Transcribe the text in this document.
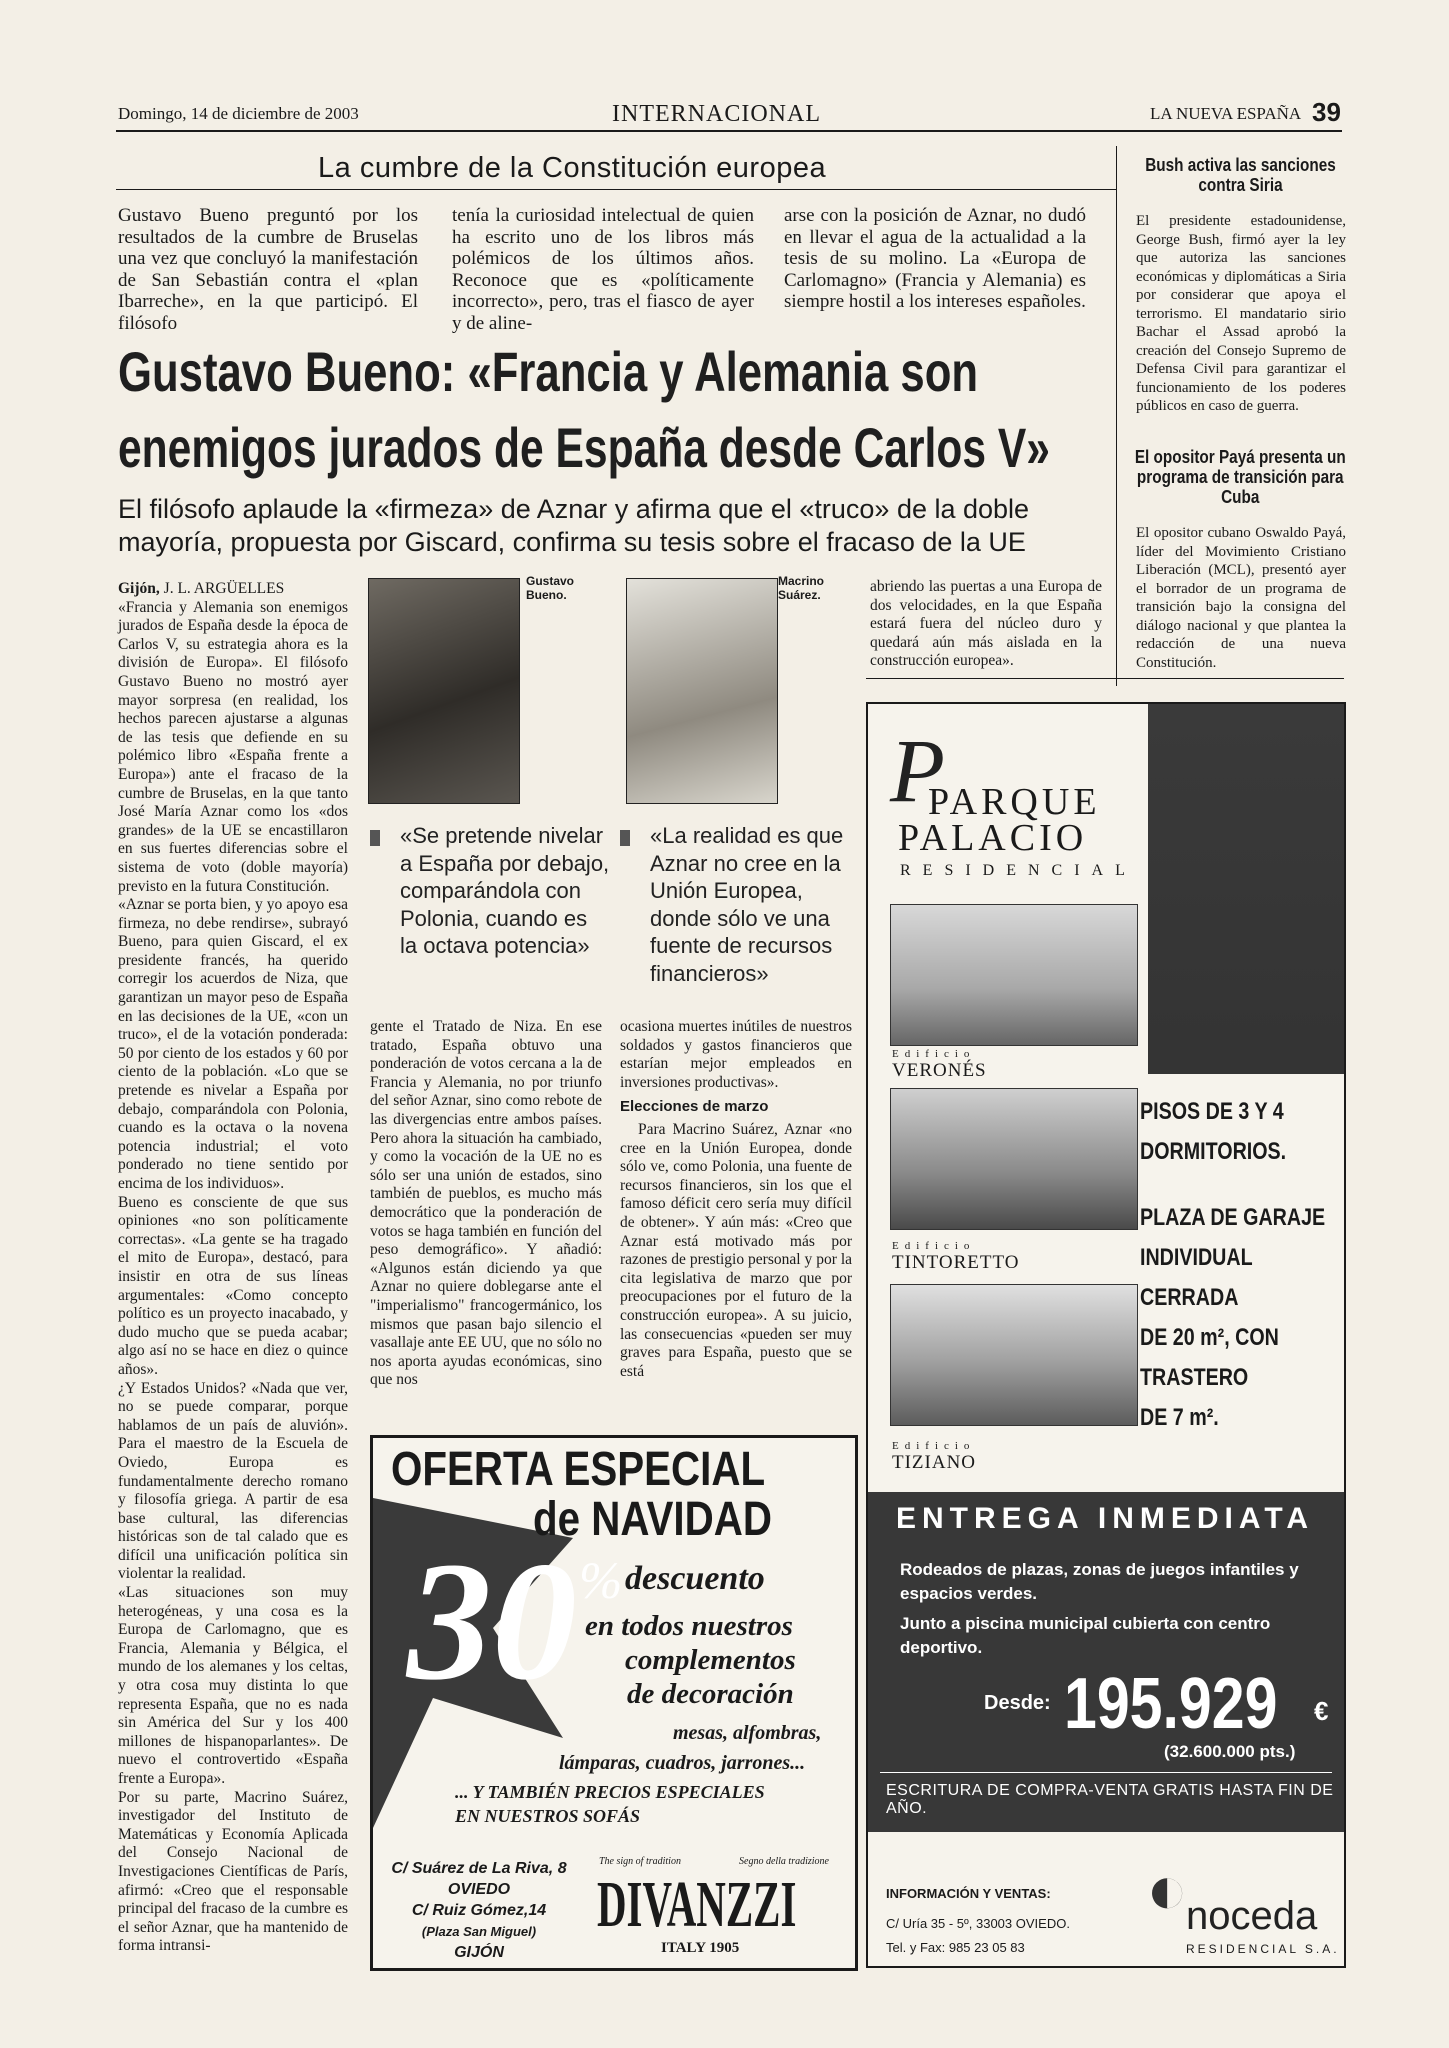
Domingo, 14 de diciembre de 2003	INTERNACIONAL	LA NUEVA ESPAÑA 39
La cumbre de la Constitución europea
Gustavo Bueno preguntó por los resultados de la cumbre de Bruselas una vez que concluyó la manifestación de San Sebastián contra el «plan Ibarreche», en la que participó. El filósofo
tenía la curiosidad intelectual de quien ha escrito uno de los libros más polémicos de los últimos años. Reconoce que es «políticamente incorrecto», pero, tras el fiasco de ayer y de aline-
arse con la posición de Aznar, no dudó en llevar el agua de la actualidad a la tesis de su molino. La «Europa de Carlomagno» (Francia y Alemania) es siempre hostil a los intereses españoles.
Gustavo Bueno: «Francia y Alemania son
enemigos jurados de España desde Carlos V»
El filósofo aplaude la «firmeza» de Aznar y afirma que el «truco» de la doble mayoría, propuesta por Giscard, confirma su tesis sobre el fracaso de la UE
Gijón, J. L. ARGÜELLES
«Francia y Alemania son enemigos jurados de España desde la época de Carlos V, su estrategia ahora es la división de Europa». El filósofo Gustavo Bueno no mostró ayer mayor sorpresa (en realidad, los hechos parecen ajustarse a algunas de las tesis que defiende en su polémico libro «España frente a Europa») ante el fracaso de la cumbre de Bruselas, en la que tanto José María Aznar como los «dos grandes» de la UE se encastillaron en sus fuertes diferencias sobre el sistema de voto (doble mayoría) previsto en la futura Constitución.
«Aznar se porta bien, y yo apoyo esa firmeza, no debe rendirse», subrayó Bueno, para quien Giscard, el ex presidente francés, ha querido corregir los acuerdos de Niza, que garantizan un mayor peso de España en las decisiones de la UE, «con un truco», el de la votación ponderada: 50 por ciento de los estados y 60 por ciento de la población. «Lo que se pretende es nivelar a España por debajo, comparándola con Polonia, cuando es la octava o la novena potencia industrial; el voto ponderado no tiene sentido por encima de los individuos».
Bueno es consciente de que sus opiniones «no son políticamente correctas». «La gente se ha tragado el mito de Europa», destacó, para insistir en otra de sus líneas argumentales: «Como concepto político es un proyecto inacabado, y dudo mucho que se pueda acabar; algo así no se hace en diez o quince años».
¿Y Estados Unidos? «Nada que ver, no se puede comparar, porque hablamos de un país de aluvión». Para el maestro de la Escuela de Oviedo, Europa es fundamentalmente derecho romano y filosofía griega. A partir de esa base cultural, las diferencias históricas son de tal calado que es difícil una unificación política sin violentar la realidad.
«Las situaciones son muy heterogéneas, y una cosa es la Europa de Carlomagno, que es Francia, Alemania y Bélgica, el mundo de los alemanes y los celtas, y otra cosa muy distinta lo que representa España, que no es nada sin América del Sur y los 400 millones de hispanoparlantes». De nuevo el controvertido «España frente a Europa».
Por su parte, Macrino Suárez, investigador del Instituto de Matemáticas y Economía Aplicada del Consejo Nacional de Investigaciones Científicas de París, afirmó: «Creo que el responsable principal del fracaso de la cumbre es el señor Aznar, que ha mantenido de forma intransi-
Gustavo Bueno.
Macrino Suárez.	abriendo las puertas a una Europa de dos velocidades, en la que España estará fuera del núcleo duro y quedará aún más aislada en la construcción europea».
«Se pretende nivelar a España por debajo, comparándola con Polonia, cuando es la octava potencia»
«La realidad es que Aznar no cree en la Unión Europea, donde sólo ve una fuente de recursos financieros»
gente el Tratado de Niza. En ese tratado, España obtuvo una ponderación de votos cercana a la de Francia y Alemania, no por triunfo del señor Aznar, sino como rebote de las divergencias entre ambos países. Pero ahora la situación ha cambiado, y como la vocación de la UE no es sólo ser una unión de estados, sino también de pueblos, es mucho más democrático que la ponderación de votos se haga también en función del peso demográfico». Y añadió: «Algunos están diciendo ya que Aznar no quiere doblegarse ante el "imperialismo" francogermánico, los mismos que pasan bajo silencio el vasallaje ante EE UU, que no sólo no nos aporta ayudas económicas, sino que nos
ocasiona muertes inútiles de nuestros soldados y gastos financieros que estarían mejor empleados en inversiones productivas».
Elecciones de marzo
Para Macrino Suárez, Aznar «no cree en la Unión Europea, donde sólo ve, como Polonia, una fuente de recursos financieros, sin los que el famoso déficit cero sería muy difícil de obtener». Y aún más: «Creo que Aznar está motivado más por razones de prestigio personal y por la cita legislativa de marzo que por preocupaciones por el futuro de la construcción europea». A su juicio, las consecuencias «pueden ser muy graves para España, puesto que se está
Bush activa las sanciones contra Siria
El presidente estadounidense, George Bush, firmó ayer la ley que autoriza las sanciones económicas y diplomáticas a Siria por considerar que apoya el terrorismo. El mandatario sirio Bachar el Assad aprobó la creación del Consejo Supremo de Defensa Civil para garantizar el funcionamiento de los poderes públicos en caso de guerra.
El opositor Payá presenta un programa de transición para Cuba
El opositor cubano Oswaldo Payá, líder del Movimiento Cristiano Liberación (MCL), presentó ayer el borrador de un programa de transición bajo la consigna del diálogo nacional y que plantea la redacción de una nueva Constitución.
OFERTA ESPECIAL
de NAVIDAD
30 % descuento
en todos nuestros
complementos
de decoración
mesas, alfombras,
lámparas, cuadros, jarrones...
... Y TAMBIÉN PRECIOS ESPECIALES
EN NUESTROS SOFÁS
C/ Suárez de La Riva, 8
OVIEDO
C/ Ruiz Gómez,14
(Plaza San Miguel)
GIJÓN
The sign of tradition	Segno della tradizione
DIVANZZI
ITALY 1905
P
PARQUE
PALACIO
RESIDENCIAL
Edificio
VERONÉS
Edificio
TINTORETTO
Edificio
TIZIANO
PISOS DE 3 Y 4
DORMITORIOS.
PLAZA DE GARAJE
INDIVIDUAL
CERRADA
DE 20 m², CON TRASTERO
DE 7 m².
ENTREGA INMEDIATA
Rodeados de plazas, zonas de juegos infantiles y espacios verdes.
Junto a piscina municipal cubierta con centro deportivo.
Desde: 195.929 €
(32.600.000 pts.)
ESCRITURA DE COMPRA-VENTA GRATIS HASTA FIN DE AÑO.
INFORMACIÓN Y VENTAS:
C/ Uría 35 - 5º, 33003 OVIEDO.
Tel. y Fax: 985 23 05 83
◐
noceda
RESIDENCIAL S.A.
